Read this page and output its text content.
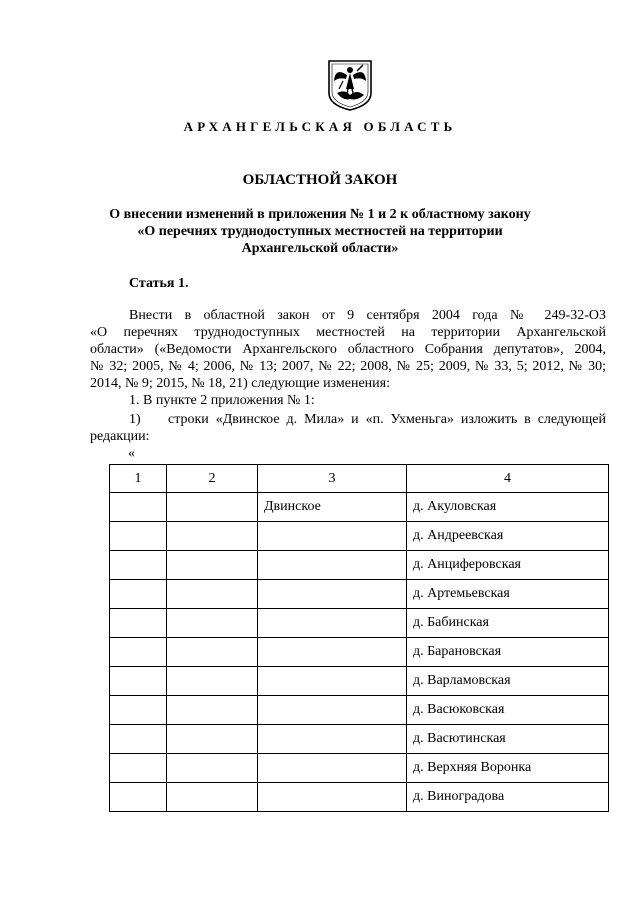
АРХАНГЕЛЬСКАЯ ОБЛАСТЬ
ОБЛАСТНОЙ ЗАКОН

О внесении изменений в приложения № 1 и 2 к областному закону
«О перечнях труднодоступных местностей на территории
Архангельской области»

Статья 1.

Внести в областной закон от 9 сентября 2004 года № 249-32-ОЗ
«О перечнях труднодоступных местностей на территории Архангельской
области» («Ведомости Архангельского областного Собрания депутатов», 2004,
№ 32; 2005, № 4; 2006, № 13; 2007, № 22; 2008, № 25; 2009, № 33, 5; 2012, № 30;
2014, № 9; 2015, № 18, 21) следующие изменения:

1. В пункте 2 приложения № 1:

1)	строки «Двинское д. Мила» и «п. Ухменьга» изложить в следующей
редакции:

«
1	2	3	4
		Двинское	д. Акуловская
			д. Андреевская
			д. Анциферовская
			д. Артемьевская
			д. Бабинская
			д. Барановская
			д. Варламовская
			д. Васюковская
			д. Васютинская
			д. Верхняя Воронка
			д. Виноградова
